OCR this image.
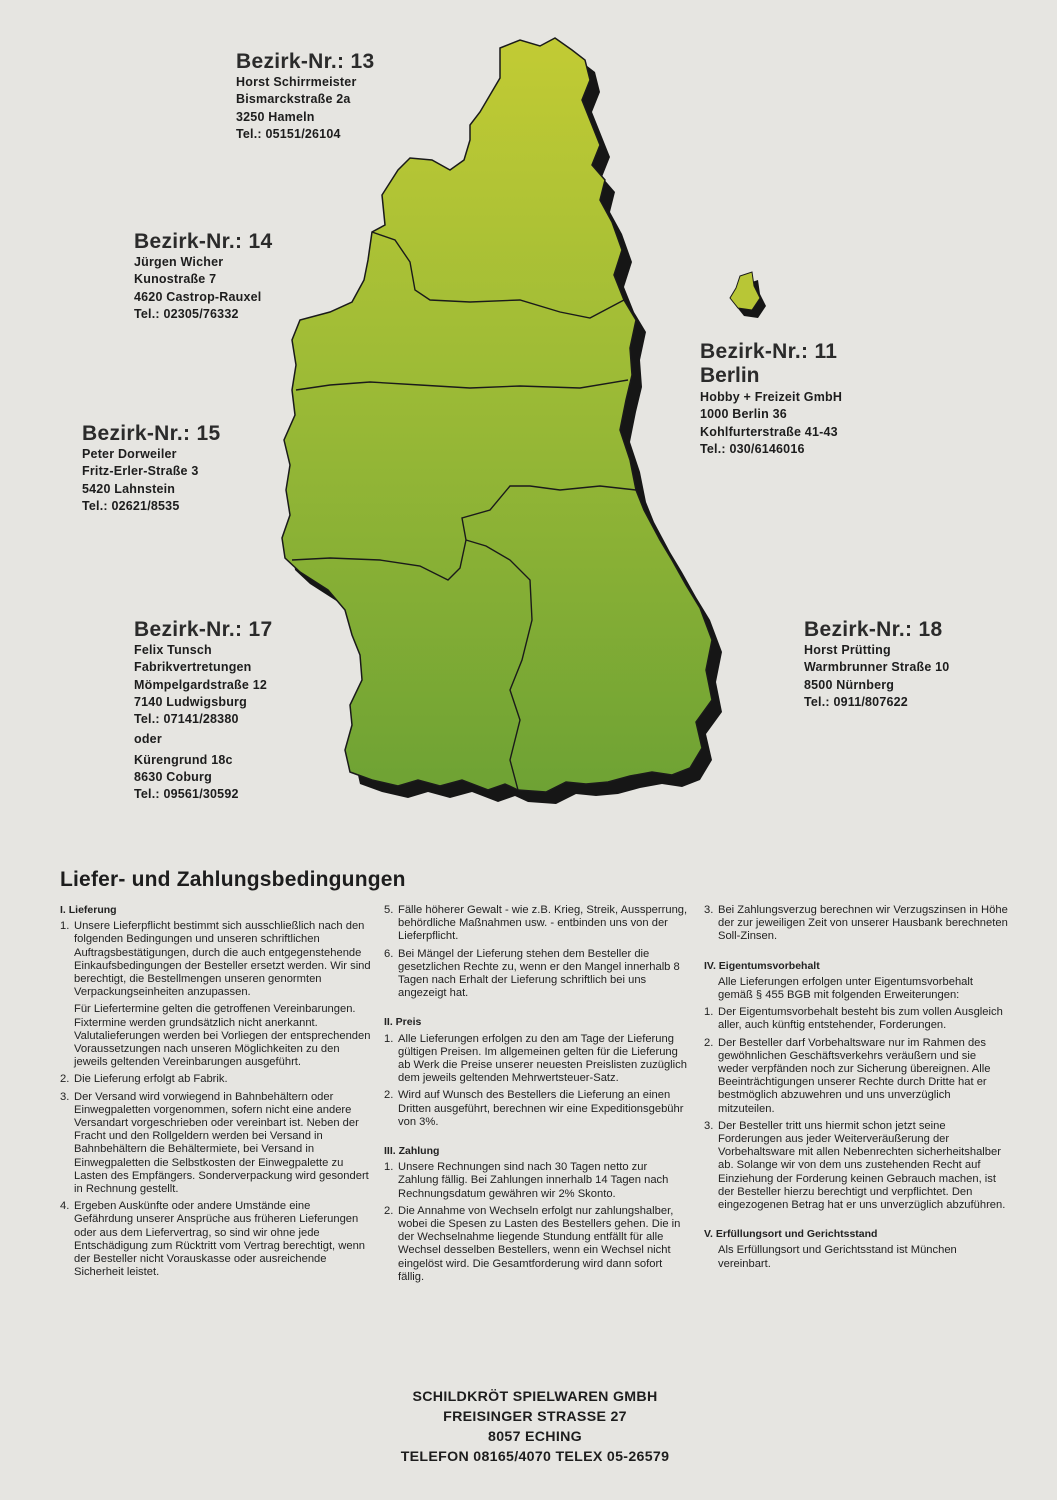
Bezirk-Nr.: 13
Horst Schirrmeister
Bismarckstraße 2a
3250 Hameln
Tel.: 05151/26104
Bezirk-Nr.: 14
Jürgen Wicher
Kunostraße 7
4620 Castrop-Rauxel
Tel.: 02305/76332
Bezirk-Nr.: 11
Berlin
Hobby + Freizeit GmbH
1000 Berlin 36
Kohlfurterstraße 41-43
Tel.: 030/6146016
Bezirk-Nr.: 15
Peter Dorweiler
Fritz-Erler-Straße 3
5420 Lahnstein
Tel.: 02621/8535
Bezirk-Nr.: 17
Felix Tunsch
Fabrikvertretungen
Mömpelgardstraße 12
7140 Ludwigsburg
Tel.: 07141/28380
oder
Kürengrund 18c
8630 Coburg
Tel.: 09561/30592
Bezirk-Nr.: 18
Horst Prütting
Warmbrunner Straße 10
8500 Nürnberg
Tel.: 0911/807622
Liefer- und Zahlungsbedingungen
I. Lieferung
1. Unsere Lieferpflicht bestimmt sich ausschließlich nach den folgenden Bedingungen und unseren schriftlichen Auftragsbestätigungen, durch die auch entgegenstehende Einkaufsbedingungen der Besteller ersetzt werden. Wir sind berechtigt, die Bestellmengen unseren genormten Verpackungseinheiten anzupassen.

Für Liefertermine gelten die getroffenen Vereinbarungen. Fixtermine werden grundsätzlich nicht anerkannt. Valutalieferungen werden bei Vorliegen der entsprechenden Voraussetzungen nach unseren Möglichkeiten zu den jeweils geltenden Vereinbarungen ausgeführt.

2. Die Lieferung erfolgt ab Fabrik.
3. Der Versand wird vorwiegend in Bahnbehältern oder Einwegpaletten vorgenommen, sofern nicht eine andere Versandart vorgeschrieben oder vereinbart ist. Neben der Fracht und den Rollgeldern werden bei Versand in Bahnbehältern die Behältermiete, bei Versand in Einwegpaletten die Selbstkosten der Einwegpalette zu Lasten des Empfängers. Sonderverpackung wird gesondert in Rechnung gestellt.
4. Ergeben Auskünfte oder andere Umstände eine Gefährdung unserer Ansprüche aus früheren Lieferungen oder aus dem Liefervertrag, so sind wir ohne jede Entschädigung zum Rücktritt vom Vertrag berechtigt, wenn der Besteller nicht Vorauskasse oder ausreichende Sicherheit leistet.
5. Fälle höherer Gewalt - wie z.B. Krieg, Streik, Aussperrung, behördliche Maßnahmen usw. - entbinden uns von der Lieferpflicht.
6. Bei Mängel der Lieferung stehen dem Besteller die gesetzlichen Rechte zu, wenn er den Mangel innerhalb 8 Tagen nach Erhalt der Lieferung schriftlich bei uns angezeigt hat.
II. Preis
1. Alle Lieferungen erfolgen zu den am Tage der Lieferung gültigen Preisen. Im allgemeinen gelten für die Lieferung ab Werk die Preise unserer neuesten Preislisten zuzüglich dem jeweils geltenden Mehrwertsteuer-Satz.
2. Wird auf Wunsch des Bestellers die Lieferung an einen Dritten ausgeführt, berechnen wir eine Expeditionsgebühr von 3%.
III. Zahlung
1. Unsere Rechnungen sind nach 30 Tagen netto zur Zahlung fällig. Bei Zahlungen innerhalb 14 Tagen nach Rechnungsdatum gewähren wir 2% Skonto.
2. Die Annahme von Wechseln erfolgt nur zahlungshalber, wobei die Spesen zu Lasten des Bestellers gehen. Die in der Wechselnahme liegende Stundung entfällt für alle Wechsel desselben Bestellers, wenn ein Wechsel nicht eingelöst wird. Die Gesamtforderung wird dann sofort fällig.
3. Bei Zahlungsverzug berechnen wir Verzugszinsen in Höhe der zur jeweiligen Zeit von unserer Hausbank berechneten Soll-Zinsen.
IV. Eigentumsvorbehalt

Alle Lieferungen erfolgen unter Eigentumsvorbehalt gemäß § 455 BGB mit folgenden Erweiterungen:

1. Der Eigentumsvorbehalt besteht bis zum vollen Ausgleich aller, auch künftig entstehender, Forderungen.
2. Der Besteller darf Vorbehaltsware nur im Rahmen des gewöhnlichen Geschäftsverkehrs veräußern und sie weder verpfänden noch zur Sicherung übereignen. Alle Beeinträchtigungen unserer Rechte durch Dritte hat er bestmöglich abzuwehren und uns unverzüglich mitzuteilen.
3. Der Besteller tritt uns hiermit schon jetzt seine Forderungen aus jeder Weiterveräußerung der Vorbehaltsware mit allen Nebenrechten sicherheitshalber ab. Solange wir von dem uns zustehenden Recht auf Einziehung der Forderung keinen Gebrauch machen, ist der Besteller hierzu berechtigt und verpflichtet. Den eingezogenen Betrag hat er uns unverzüglich abzuführen.
V. Erfüllungsort und Gerichtsstand

Als Erfüllungsort und Gerichtsstand ist München vereinbart.

SCHILDKRÖT SPIELWAREN GMBH
FREISINGER STRASSE 27
8057 ECHING
TELEFON 08165/4070 TELEX 05-26579
